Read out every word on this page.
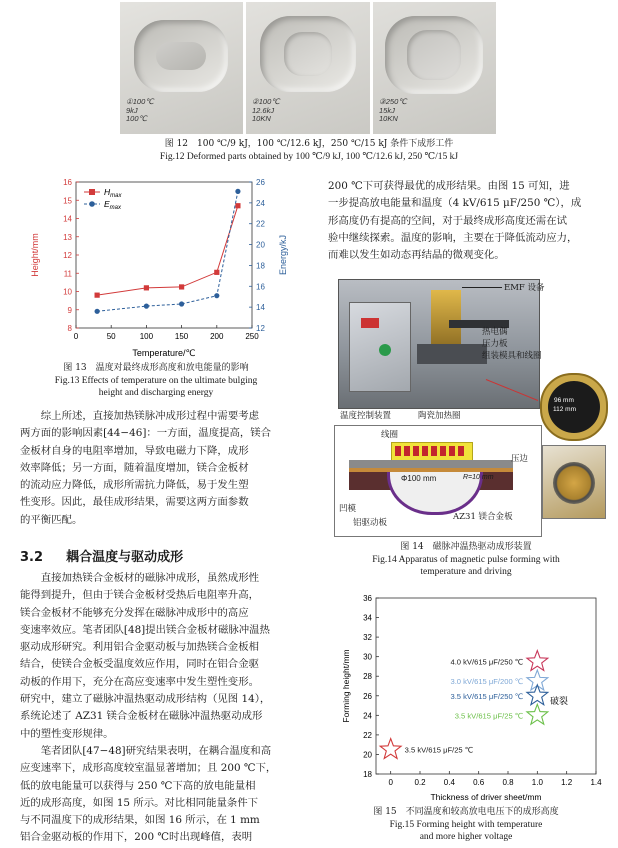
①100℃
9kJ
100℃
②100℃
12.6kJ
10KN
③250℃
15kJ
10KN
图 12　100 ℃/9 kJ，100 ℃/12.6 kJ，250 ℃/15 kJ 条件下成形工件
Fig.12 Deformed parts obtained by 100 ℃/9 kJ, 100 ℃/12.6 kJ, 250 ℃/15 kJ
0	50	100	150	200	250
8
9
10
11
12
13
14
15
16
12
14
16
18
20
22
24
26
Temperature/℃
Height/mm	Energy/kJ
$H_{max}$
$E_{max}$
图 13　温度对最终成形高度和放电能量的影响
Fig.13 Effects of temperature on the ultimate bulging
height and discharging energy

综上所述，直接加热镁脉冲成形过程中需要考虑

两方面的影响因素[44−46]：一方面，温度提高，镁合

金板材自身的电阻率增加，导致电磁力下降，成形

效率降低；另一方面，随着温度增加，镁合金板材

的流动应力降低，成形所需抗力降低，易于发生塑

性变形。因此，最佳成形结果，需要这两方面参数

的平衡匹配。

3.2 耦合温度与驱动成形

直接加热镁合金板材的磁脉冲成形，虽然成形性

能得到提升，但由于镁合金板材受热后电阻率升高，

镁合金板材不能够充分发挥在磁脉冲成形中的高应

变速率效应。笔者团队[48]提出镁合金板材磁脉冲温热

驱动成形研究。利用铝合金驱动板与加热镁合金板相

结合，使镁合金板受温度效应作用，同时在铝合金驱

动板的作用下，充分在高应变速率中发生塑性变形。

研究中，建立了磁脉冲温热驱动成形结构（见图 14），

系统论述了 AZ31 镁合金板材在磁脉冲温热驱动成形

中的塑性变形规律。

笔者团队[47−48]研究结果表明，在耦合温度和高

应变速率下，成形高度较室温显著增加；且 200 ℃下，

低的放电能量可以获得与 250 ℃下高的放电能量相

近的成形高度，如图 15 所示。对比相同能量条件下

与不同温度下的成形结果，如图 16 所示，在 1 mm

铝合金驱动板的作用下，200 ℃时出现峰值，表明

200 ℃下可获得最优的成形结果。由图 15 可知，进

一步提高放电能量和温度（4 kV/615 μF/250 ℃），成

形高度仍有提高的空间，对于最终成形高度还需在试

验中继续探索。温度的影响，主要在于降低流动应力，

而难以发生如动态再结晶的微观变化。

EMF 设备
热电偶
压力板
组装模具和线圈
温度控制装置	陶瓷加热圈
96 mm
112 mm
线圈
Φ100 mm	R=10 mm
压边
凹模
铝驱动板
AZ31 镁合金板
图 14　磁脉冲温热驱动成形装置
Fig.14 Apparatus of magnetic pulse forming with
temperature and driving
0	0.2 0.4 0.6 0.8 1.0 1.2 1.4
18
20
22
24
26
28
30
32
34
36
4.0 kV/615 μF/250 ℃
3.0 kV/615 μF/200 ℃
3.5 kV/615 μF/250 ℃
3.5 kV/615 μF/25 ℃
3.5 kV/615 μF/25 ℃
破裂
Thickness of driver sheet/mm
Forming height/mm
图 15　不同温度和较高放电电压下的成形高度
Fig.15 Forming height with temperature
and more higher voltage
